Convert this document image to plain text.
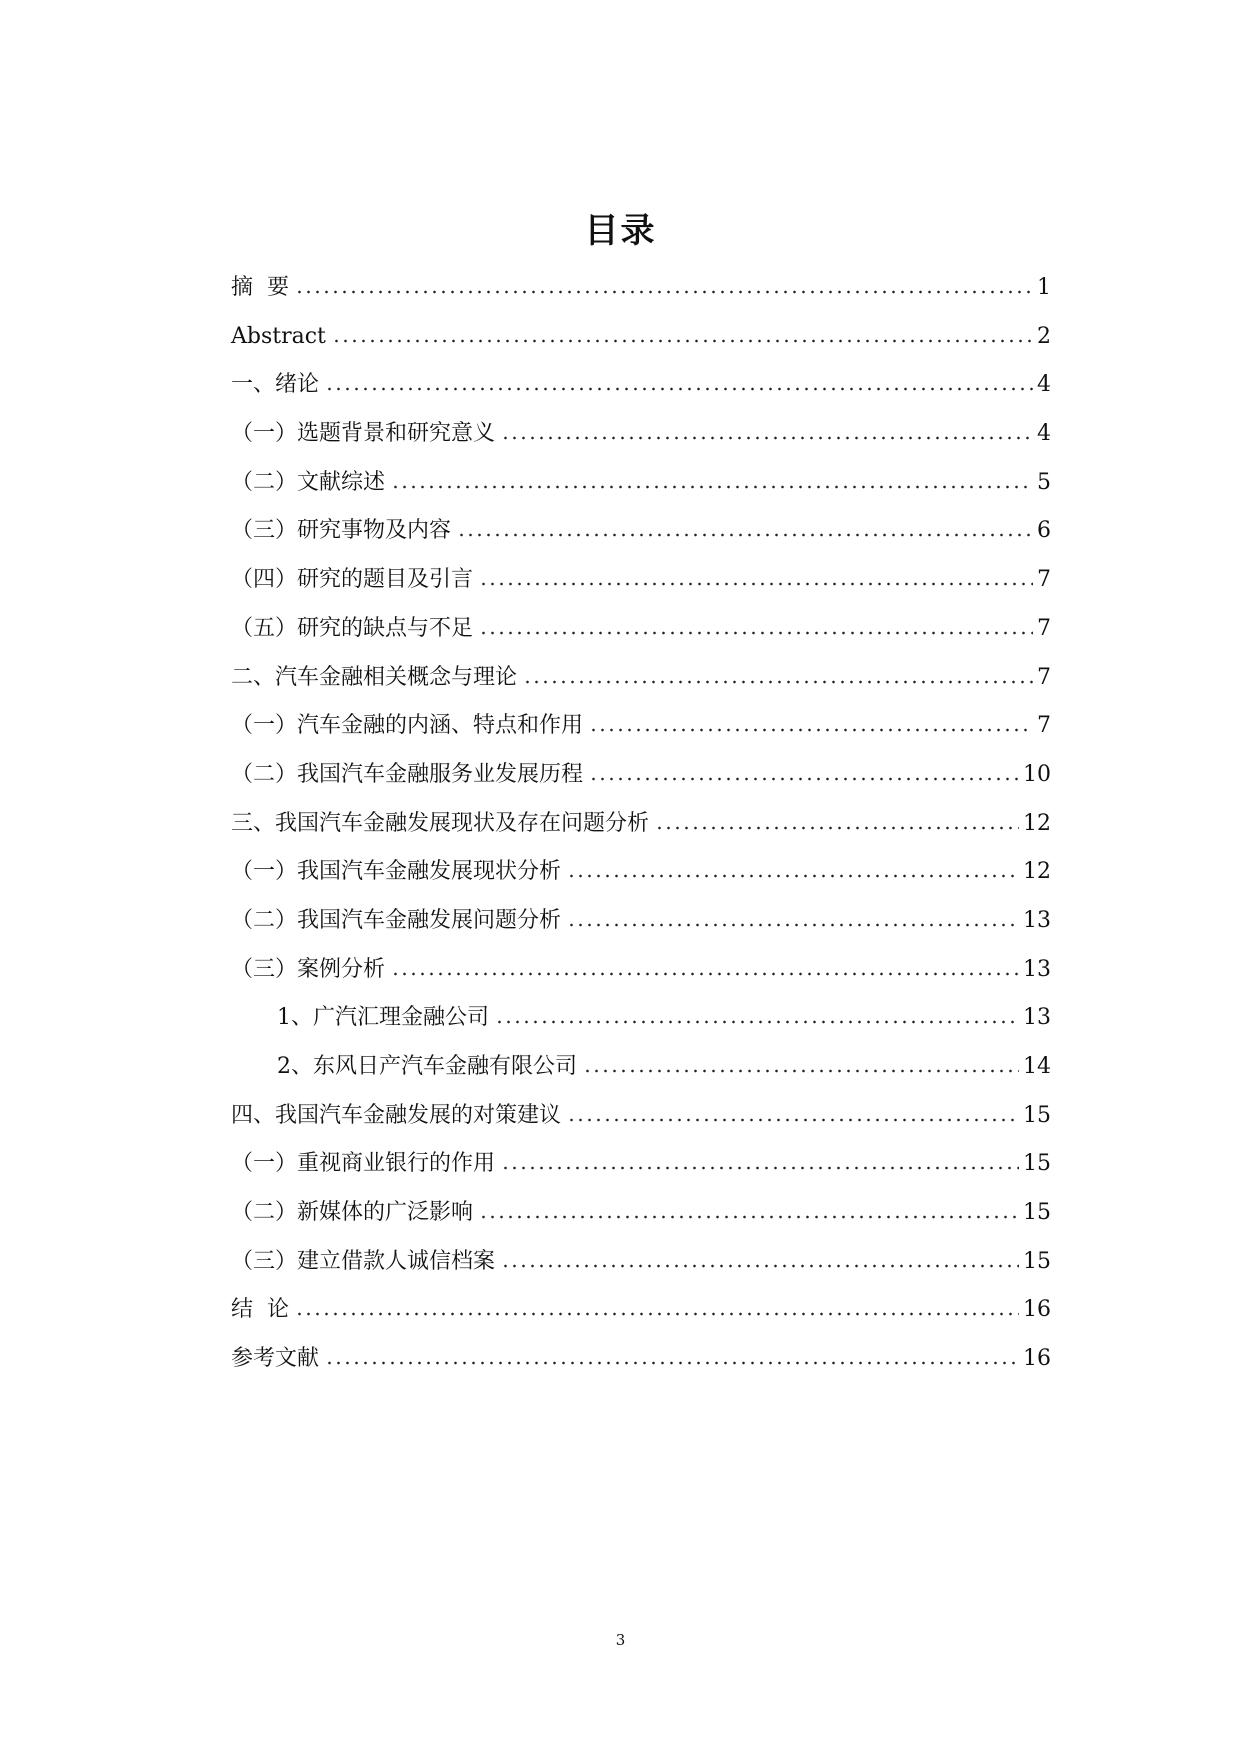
目录
摘  要	1
Abstract	2
一、绪论	4
（一）选题背景和研究意义	4
（二）文献综述	5
（三）研究事物及内容	6
（四）研究的题目及引言	7
（五）研究的缺点与不足	7
二、汽车金融相关概念与理论	7
（一）汽车金融的内涵、特点和作用	7
（二）我国汽车金融服务业发展历程	10
三、我国汽车金融发展现状及存在问题分析	12
（一）我国汽车金融发展现状分析	12
（二）我国汽车金融发展问题分析	13
（三）案例分析	13
1、广汽汇理金融公司	13
2、东风日产汽车金融有限公司	14
四、我国汽车金融发展的对策建议	15
（一）重视商业银行的作用	15
（二）新媒体的广泛影响	15
（三）建立借款人诚信档案	15
结  论	16
参考文献	16
3
